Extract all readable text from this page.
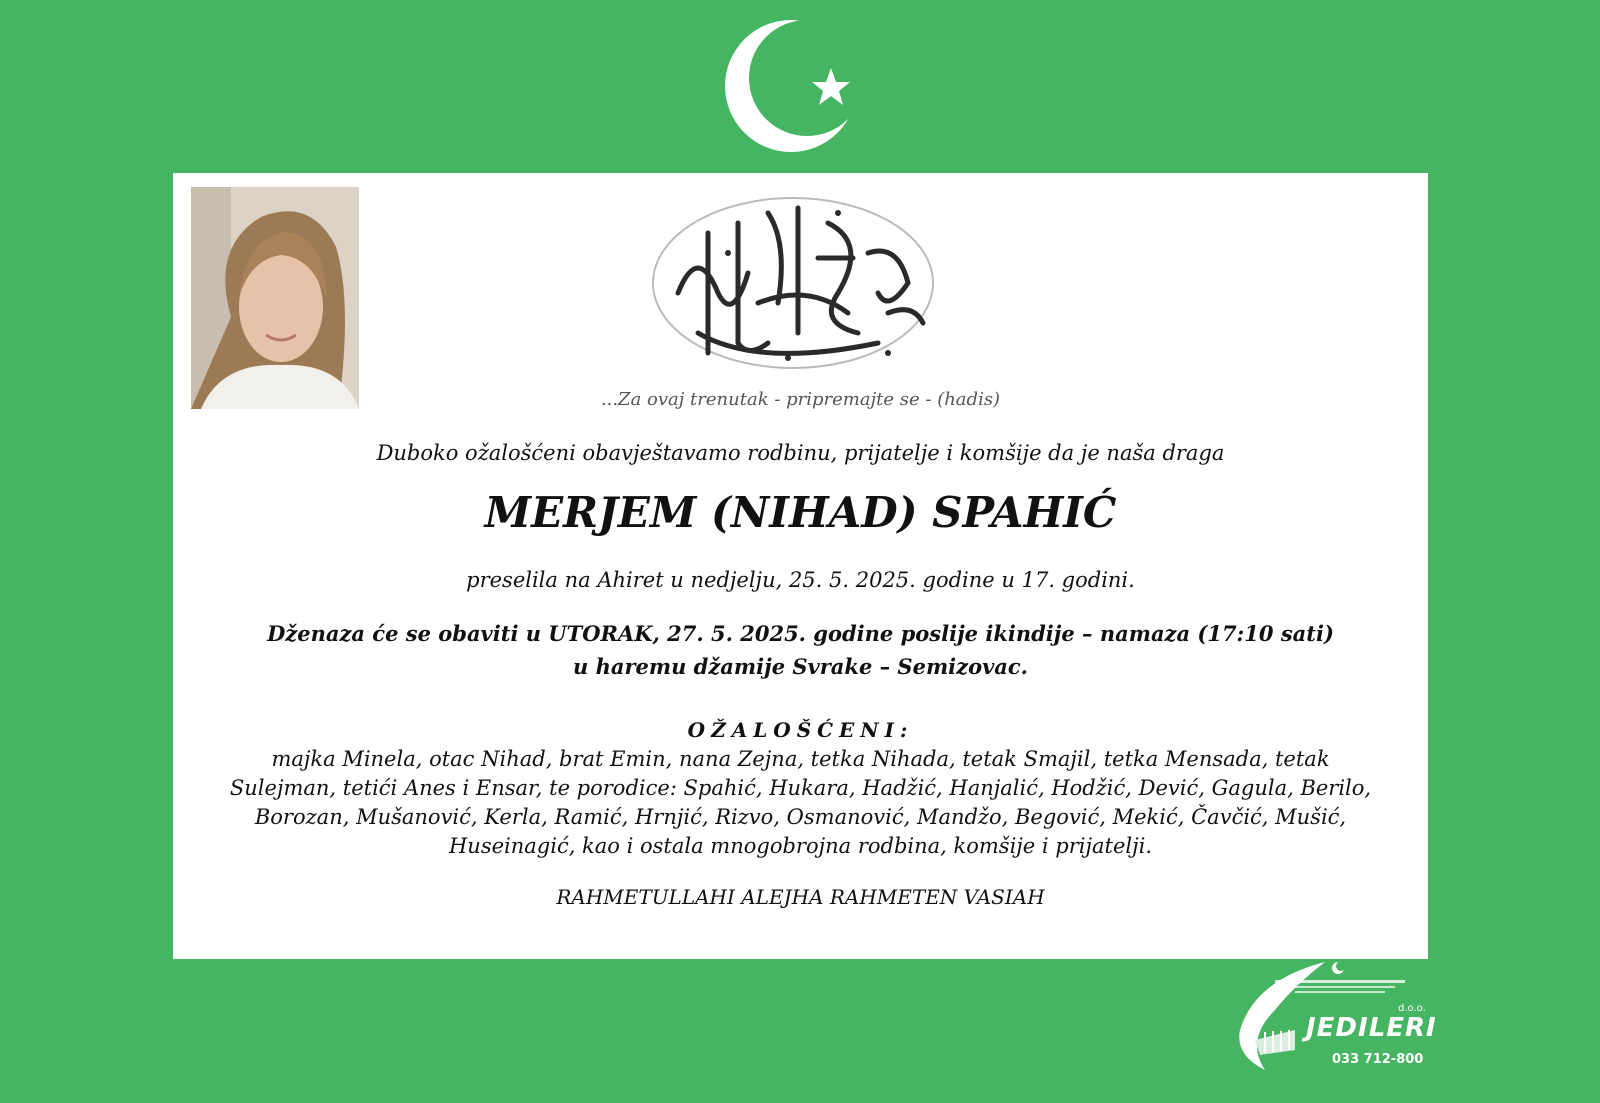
...Za ovaj trenutak - pripremajte se - (hadis)
Duboko ožalošćeni obavještavamo rodbinu, prijatelje i komšije da je naša draga
MERJEM (NIHAD) SPAHIĆ
preselila na Ahiret u nedjelju, 25. 5. 2025. godine u 17. godini.
Dženaza će se obaviti u UTORAK, 27. 5. 2025. godine poslije ikindije – namaza (17:10 sati)
u haremu džamije Svrake – Semizovac.
OŽALOŠĆENI:
majka Minela, otac Nihad, brat Emin, nana Zejna, tetka Nihada, tetak Smajil, tetka Mensada, tetak
Sulejman, tetići Anes i Ensar, te porodice: Spahić, Hukara, Hadžić, Hanjalić, Hodžić, Dević, Gagula, Berilo,
Borozan, Mušanović, Kerla, Ramić, Hrnjić, Rizvo, Osmanović, Mandžo, Begović, Mekić, Čavčić, Mušić,
Huseinagić, kao i ostala mnogobrojna rodbina, komšije i prijatelji.
RAHMETULLAHI ALEJHA RAHMETEN VASIAH
d.o.o.
JEDILERI
033 712-800
